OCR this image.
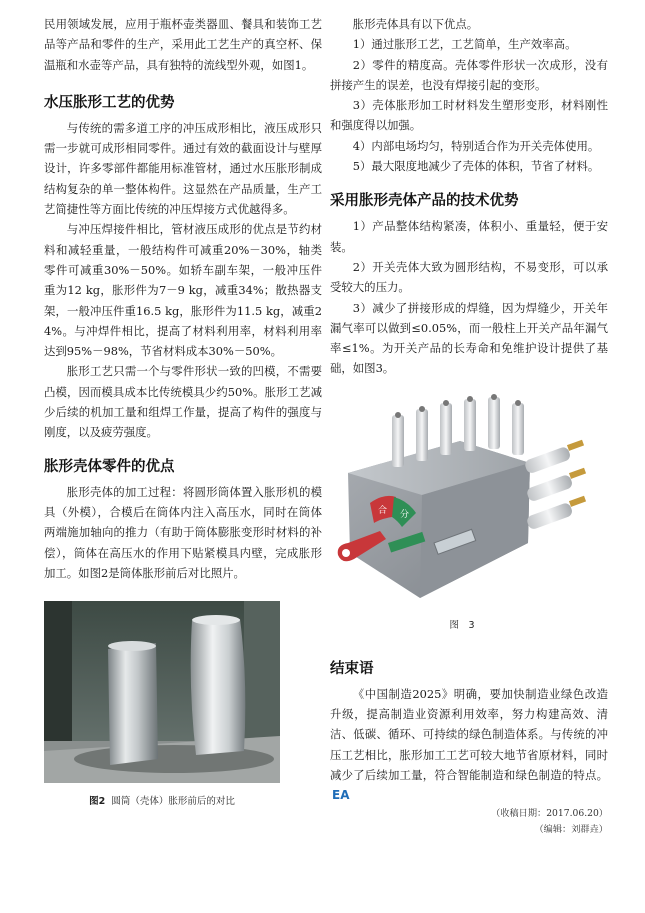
民用领域发展，应用于瓶杯壶类器皿、餐具和装饰工艺品等产品和零件的生产，采用此工艺生产的真空杯、保温瓶和水壶等产品，具有独特的流线型外观，如图1。

水压胀形工艺的优势

与传统的需多道工序的冲压成形相比，液压成形只需一步就可成形相同零件。通过有效的截面设计与壁厚设计，许多零部件都能用标准管材，通过水压胀形制成结构复杂的单一整体构件。这显然在产品质量，生产工艺简捷性等方面比传统的冲压焊接方式优越得多。

与冲压焊接件相比，管材液压成形的优点是节约材料和减轻重量，一般结构件可减重20%－30%，轴类零件可减重30%－50%。如轿车副车架，一般冲压件重为12 kg，胀形件为7－9 kg，减重34%；散热器支架，一般冲压件重16.5 kg，胀形件为11.5 kg，减重24%。与冲焊件相比，提高了材料利用率，材料利用率达到95%－98%，节省材料成本30%－50%。

胀形工艺只需一个与零件形状一致的凹模，不需要凸模，因而模具成本比传统模具少约50%。胀形工艺减少后续的机加工量和组焊工作量，提高了构件的强度与刚度，以及疲劳强度。

胀形壳体零件的优点

胀形壳体的加工过程：将圆形筒体置入胀形机的模具（外模），合模后在筒体内注入高压水，同时在筒体两端施加轴向的推力（有助于筒体膨胀变形时材料的补偿），筒体在高压水的作用下贴紧模具内壁，完成胀形加工。如图2是筒体胀形前后对比照片。

图2 圆筒（壳体）胀形前后的对比

胀形壳体具有以下优点。

1）通过胀形工艺，工艺简单，生产效率高。

2）零件的精度高。壳体零件形状一次成形，没有拼接产生的误差，也没有焊接引起的变形。

3）壳体胀形加工时材料发生塑形变形，材料刚性和强度得以加强。

4）内部电场均匀，特别适合作为开关壳体使用。

5）最大限度地减少了壳体的体积，节省了材料。

采用胀形壳体产品的技术优势

1）产品整体结构紧凑，体积小、重量轻，便于安装。

2）开关壳体大致为圆形结构，不易变形，可以承受较大的压力。

3）减少了拼接形成的焊缝，因为焊缝少，开关年漏气率可以做到≤0.05%，而一般柱上开关产品年漏气率≤1%。为开关产品的长寿命和免维护设计提供了基础，如图3。

合 分
图　3
结束语

《中国制造2025》明确，要加快制造业绿色改造升级，提高制造业资源利用效率，努力构建高效、清洁、低碳、循环、可持续的绿色制造体系。与传统的冲压工艺相比，胀形加工工艺可较大地节省原材料，同时减少了后续加工量，符合智能制造和绿色制造的特点。EA

（收稿日期：2017.06.20）
（编辑：刘群垚）
